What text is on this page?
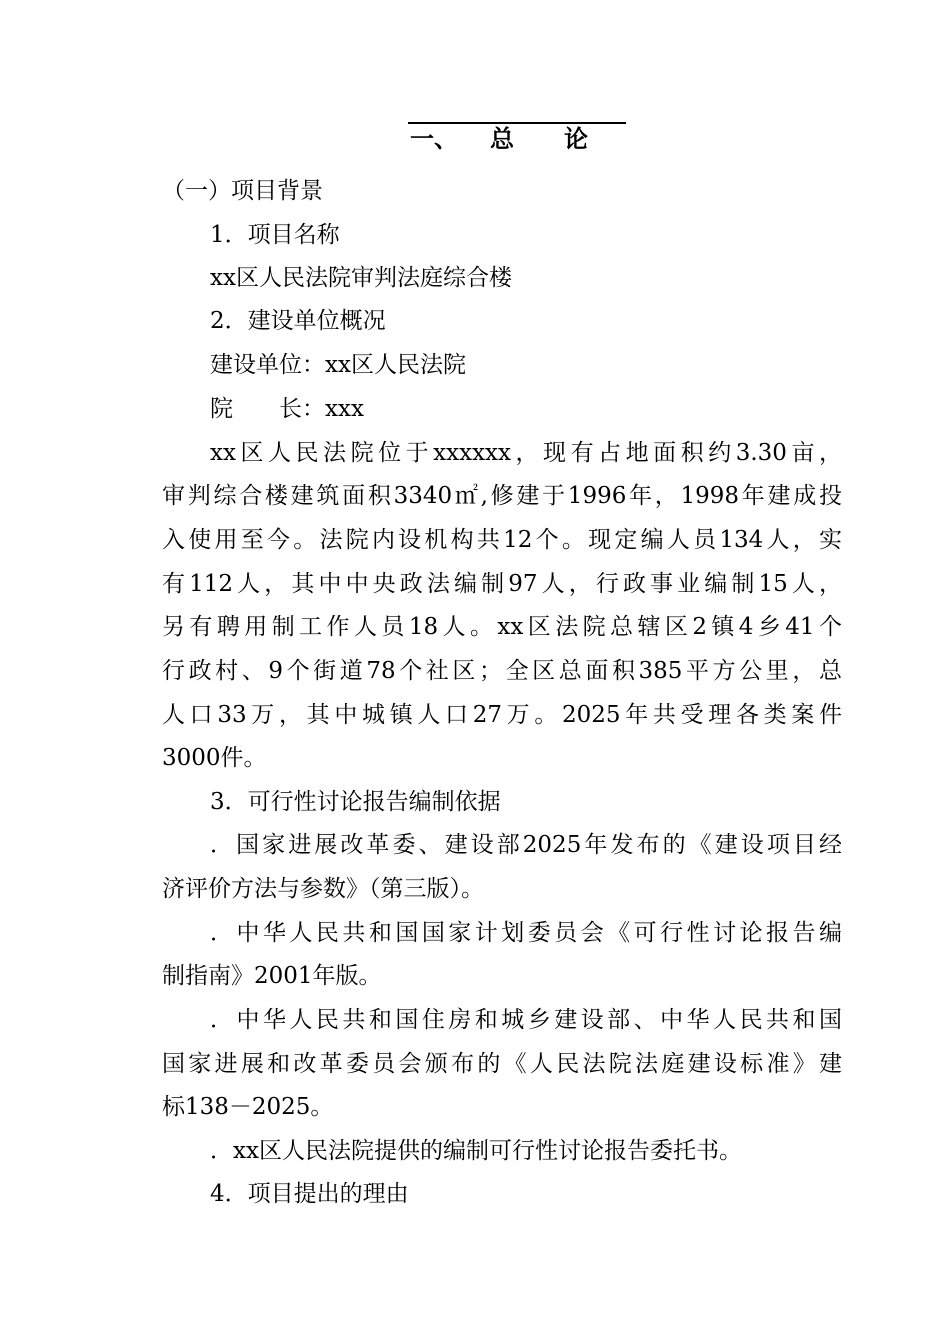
一、 总 论
（一）项目背景
1．项目名称
xx区人民法院审判法庭综合楼
2．建设单位概况
建设单位：xx区人民法院
院　　长：xxx
xx区人民法院位于xxxxxx，现有占地面积约3.30亩，
审判综合楼建筑面积3340㎡,修建于1996年，1998年建成投
入使用至今。法院内设机构共12个。现定编人员134人，实
有112人，其中中央政法编制97人，行政事业编制15人，
另有聘用制工作人员18人。xx区法院总辖区2镇4乡41个
行政村、9个街道78个社区；全区总面积385平方公里，总
人口33万，其中城镇人口27万。2025年共受理各类案件
3000件。
3．可行性讨论报告编制依据
．国家进展改革委、建设部2025年发布的《建设项目经
济评价方法与参数》（第三版）。
．中华人民共和国国家计划委员会《可行性讨论报告编
制指南》2001年版。
．中华人民共和国住房和城乡建设部、中华人民共和国
国家进展和改革委员会颁布的《人民法院法庭建设标准》建
标138－2025。
．xx区人民法院提供的编制可行性讨论报告委托书。
4．项目提出的理由
